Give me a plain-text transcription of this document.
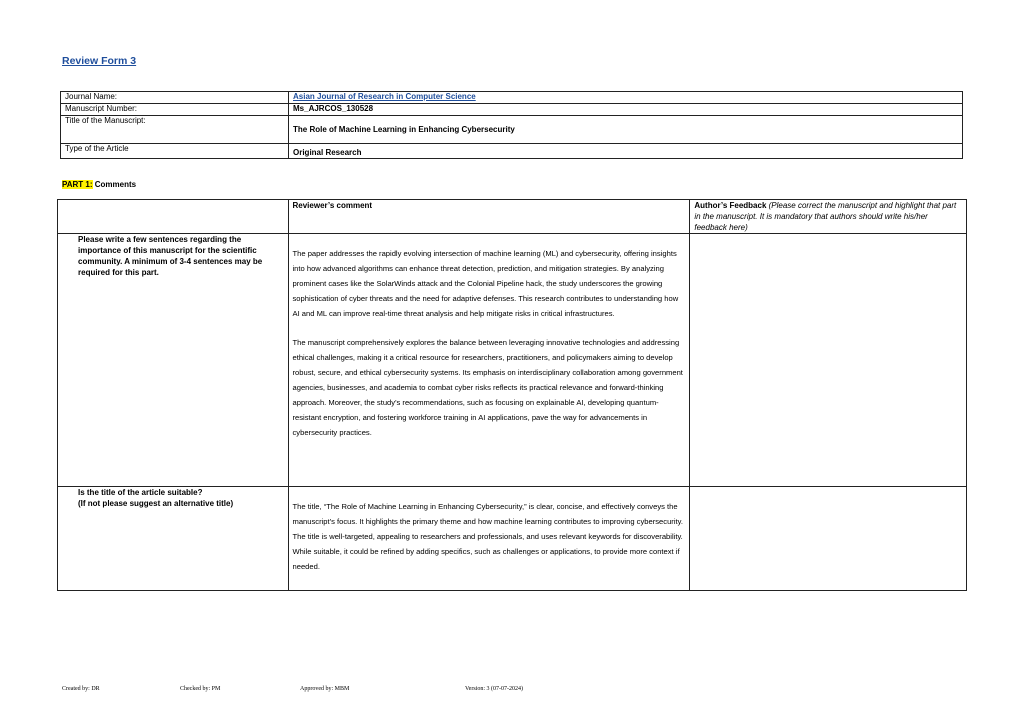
Review Form 3
Journal Name:	Asian Journal of Research in Computer Science
Manuscript Number:	Ms_AJRCOS_130528
Title of the Manuscript:	The Role of Machine Learning in Enhancing Cybersecurity
Type of the Article	Original Research
PART 1: Comments
	Reviewer’s comment	Author’s Feedback (Please correct the manuscript and highlight that part in the manuscript. It is mandatory that authors should write his/her feedback here)
Please write a few sentences regarding the importance of this manuscript for the scientific community. A minimum of 3-4 sentences may be required for this part.	The paper addresses the rapidly evolving intersection of machine learning (ML) and cybersecurity, offering insights into how advanced algorithms can enhance threat detection, prediction, and mitigation strategies. By analyzing prominent cases like the SolarWinds attack and the Colonial Pipeline hack, the study underscores the growing sophistication of cyber threats and the need for adaptive defenses. This research contributes to understanding how AI and ML can improve real-time threat analysis and help mitigate risks in critical infrastructures.

The manuscript comprehensively explores the balance between leveraging innovative technologies and addressing ethical challenges, making it a critical resource for researchers, practitioners, and policymakers aiming to develop robust, secure, and ethical cybersecurity systems. Its emphasis on interdisciplinary collaboration among government agencies, businesses, and academia to combat cyber risks reflects its practical relevance and forward-thinking approach. Moreover, the study's recommendations, such as focusing on explainable AI, developing quantum-resistant encryption, and fostering workforce training in AI applications, pave the way for advancements in cybersecurity practices.	

Is the title of the article suitable?
(If not please suggest an alternative title)	The title, “The Role of Machine Learning in Enhancing Cybersecurity,” is clear, concise, and effectively conveys the manuscript's focus. It highlights the primary theme and how machine learning contributes to improving cybersecurity. The title is well-targeted, appealing to researchers and professionals, and uses relevant keywords for discoverability. While suitable, it could be refined by adding specifics, such as challenges or applications, to provide more context if needed.	

Created by: DR	Checked by: PM	Approved by: MBM	Version: 3 (07-07-2024)
